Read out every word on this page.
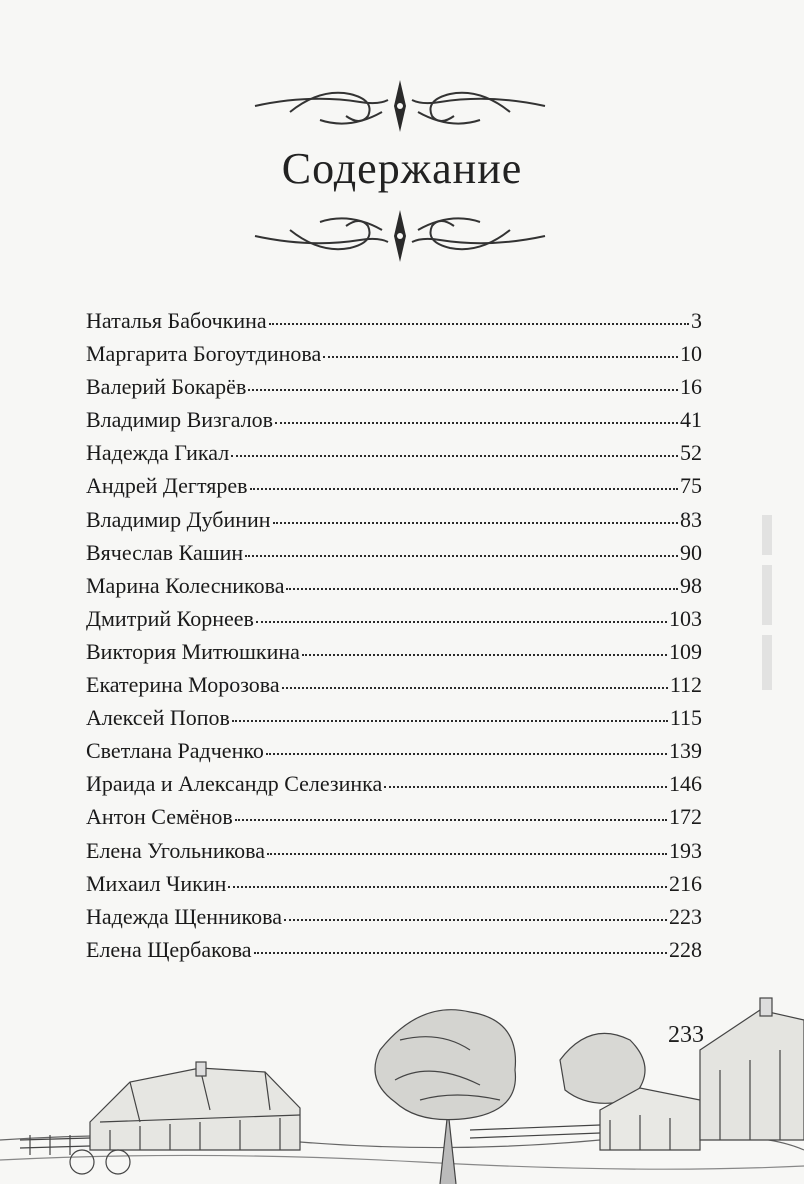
Содержание
Наталья Бабочкина	3
Маргарита Богоутдинова	10
Валерий Бокарёв	16
Владимир Визгалов	41
Надежда Гикал	52
Андрей Дегтярев	75
Владимир Дубинин	83
Вячеслав Кашин	90
Марина Колесникова	98
Дмитрий Корнеев	103
Виктория Митюшкина	109
Екатерина Морозова	112
Алексей Попов	115
Светлана Радченко	139
Ираида и Александр Селезинка	146
Антон Семёнов	172
Елена Угольникова	193
Михаил Чикин	216
Надежда Щенникова	223
Елена Щербакова	228
233
